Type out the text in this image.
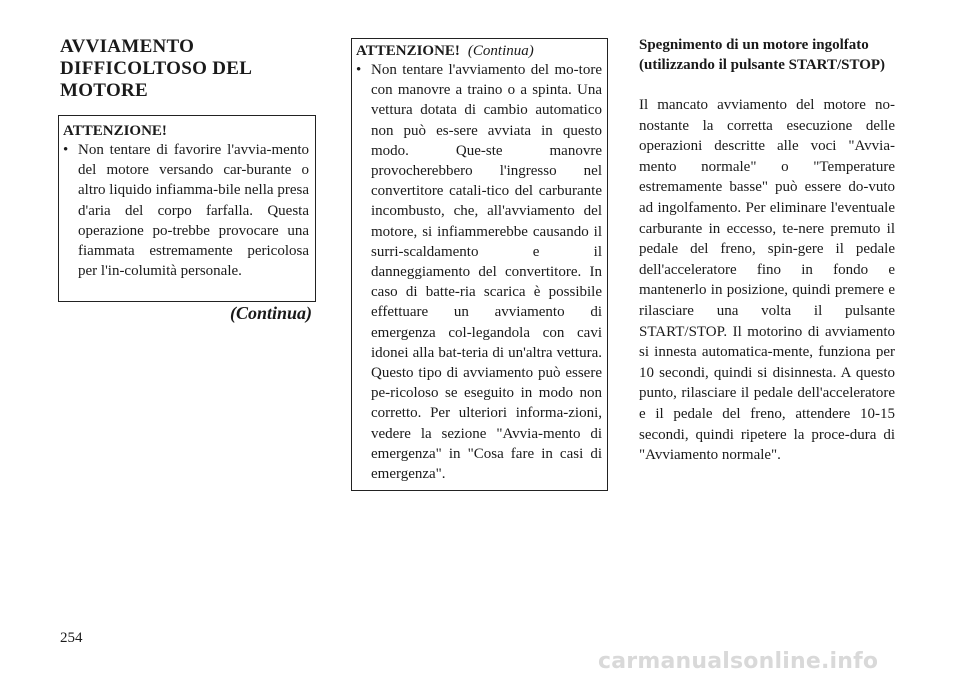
AVVIAMENTO DIFFICOLTOSO DEL MOTORE
ATTENZIONE!
• Non tentare di favorire l'avvia-mento del motore versando car-burante o altro liquido infiamma-bile nella presa d'aria del corpo farfalla. Questa operazione po-trebbe provocare una fiammata estremamente pericolosa per l'in-columità personale.
(Continua)
ATTENZIONE! (Continua)
• Non tentare l'avviamento del mo-tore con manovre a traino o a spinta. Una vettura dotata di cambio automatico non può es-sere avviata in questo modo. Que-ste manovre provocherebbero l'ingresso nel convertitore catali-tico del carburante incombusto, che, all'avviamento del motore, si infiammerebbe causando il surri-scaldamento e il danneggiamento del convertitore. In caso di batte-ria scarica è possibile effettuare un avviamento di emergenza col-legandola con cavi idonei alla bat-teria di un'altra vettura. Questo tipo di avviamento può essere pe-ricoloso se eseguito in modo non corretto. Per ulteriori informa-zioni, vedere la sezione "Avvia-mento di emergenza" in "Cosa fare in casi di emergenza".
Spegnimento di un motore ingolfato (utilizzando il pulsante START/STOP)
Il mancato avviamento del motore no-nostante la corretta esecuzione delle operazioni descritte alle voci "Avvia-mento normale" o "Temperature estremamente basse" può essere do-vuto ad ingolfamento. Per eliminare l'eventuale carburante in eccesso, te-nere premuto il pedale del freno, spin-gere il pedale dell'acceleratore fino in fondo e mantenerlo in posizione, quindi premere e rilasciare una volta il pulsante START/STOP. Il motorino di avviamento si innesta automatica-mente, funziona per 10 secondi, quindi si disinnesta. A questo punto, rilasciare il pedale dell'acceleratore e il pedale del freno, attendere 10-15 secondi, quindi ripetere la proce-dura di "Avviamento normale".
254
carmanualsonline.info
